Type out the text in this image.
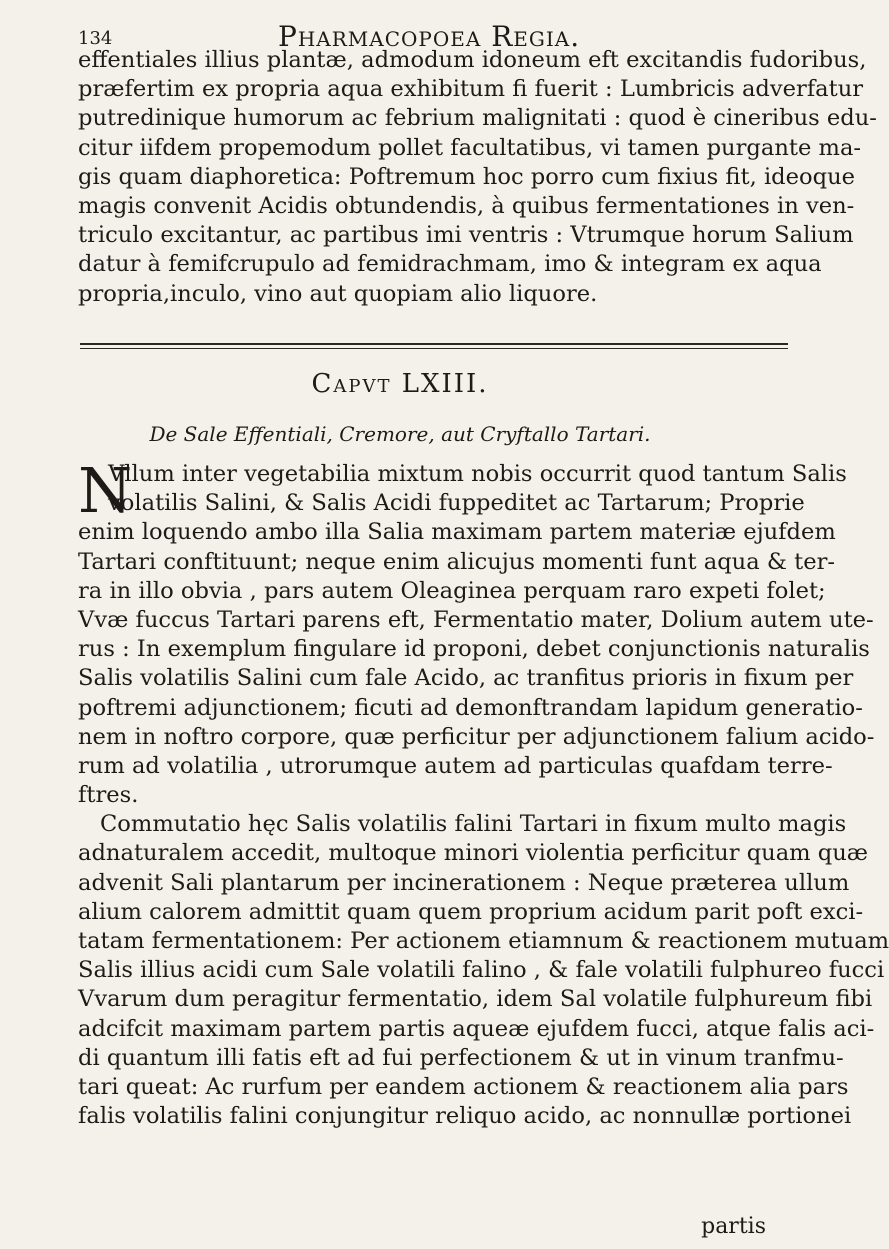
134	Pharmacopoea Regia.
effentiales illius plantæ, admodum idoneum eft excitandis fudoribus,
præfertim ex propria aqua exhibitum fi fuerit : Lumbricis adverfatur
putredinique humorum ac febrium malignitati : quod è cineribus edu-
citur iifdem propemodum pollet facultatibus, vi tamen purgante ma-
gis quam diaphoretica: Poftremum hoc porro cum fixius fit, ideoque
magis convenit Acidis obtundendis, à quibus fermentationes in ven-
triculo excitantur, ac partibus imi ventris : Vtrumque horum Salium
datur à femifcrupulo ad femidrachmam, imo & integram ex aqua
propria,inculo, vino aut quopiam alio liquore.
Capvt LXIII.
De Sale Effentiali, Cremore, aut Cryftallo Tartari.
N
Vllum inter vegetabilia mixtum nobis occurrit quod tantum Salis
volatilis Salini, & Salis Acidi fuppeditet ac Tartarum; Proprie
enim loquendo ambo illa Salia maximam partem materiæ ejufdem
Tartari conftituunt; neque enim alicujus momenti funt aqua & ter-
ra in illo obvia , pars autem Oleaginea perquam raro expeti folet;
Vvæ fuccus Tartari parens eft, Fermentatio mater, Dolium autem ute-
rus : In exemplum fingulare id proponi, debet conjunctionis naturalis
Salis volatilis Salini cum fale Acido, ac tranfitus prioris in fixum per
poftremi adjunctionem; ficuti ad demonftrandam lapidum generatio-
nem in noftro corpore, quæ perficitur per adjunctionem falium acido-
rum ad volatilia , utrorumque autem ad particulas quafdam terre-
ftres.
Commutatio hęc Salis volatilis falini Tartari in fixum multo magis
adnaturalem accedit, multoque minori violentia perficitur quam quæ
advenit Sali plantarum per incinerationem : Neque præterea ullum
alium calorem admittit quam quem proprium acidum parit poft exci-
tatam fermentationem: Per actionem etiamnum & reactionem mutuam
Salis illius acidi cum Sale volatili falino , & fale volatili fulphureo fucci
Vvarum dum peragitur fermentatio, idem Sal volatile fulphureum fibi
adcifcit maximam partem partis aqueæ ejufdem fucci, atque falis aci-
di quantum illi fatis eft ad fui perfectionem & ut in vinum tranfmu-
tari queat: Ac rurfum per eandem actionem & reactionem alia pars
falis volatilis falini conjungitur reliquo acido, ac nonnullæ portionei
partis
